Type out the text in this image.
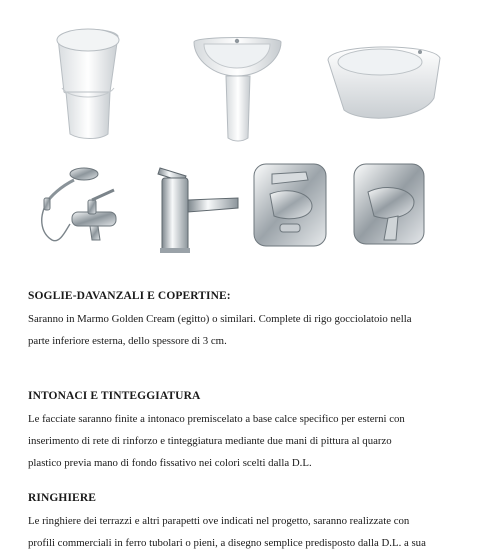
SOGLIE-DAVANZALI E COPERTINE:

Saranno in Marmo Golden Cream (egitto) o similari. Complete di rigo gocciolatoio nella
parte inferiore esterna, dello spessore di 3 cm.

INTONACI E TINTEGGIATURA

Le facciate saranno finite a intonaco premiscelato a base calce specifico per esterni con
inserimento di rete di rinforzo e tinteggiatura mediante due mani di pittura al quarzo
plastico previa mano di fondo fissativo nei colori scelti dalla D.L.

RINGHIERE

Le ringhiere dei terrazzi e altri parapetti ove indicati nel progetto, saranno realizzate con
profili commerciali in ferro tubolari o pieni, a disegno semplice predisposto dalla D.L. a sua
